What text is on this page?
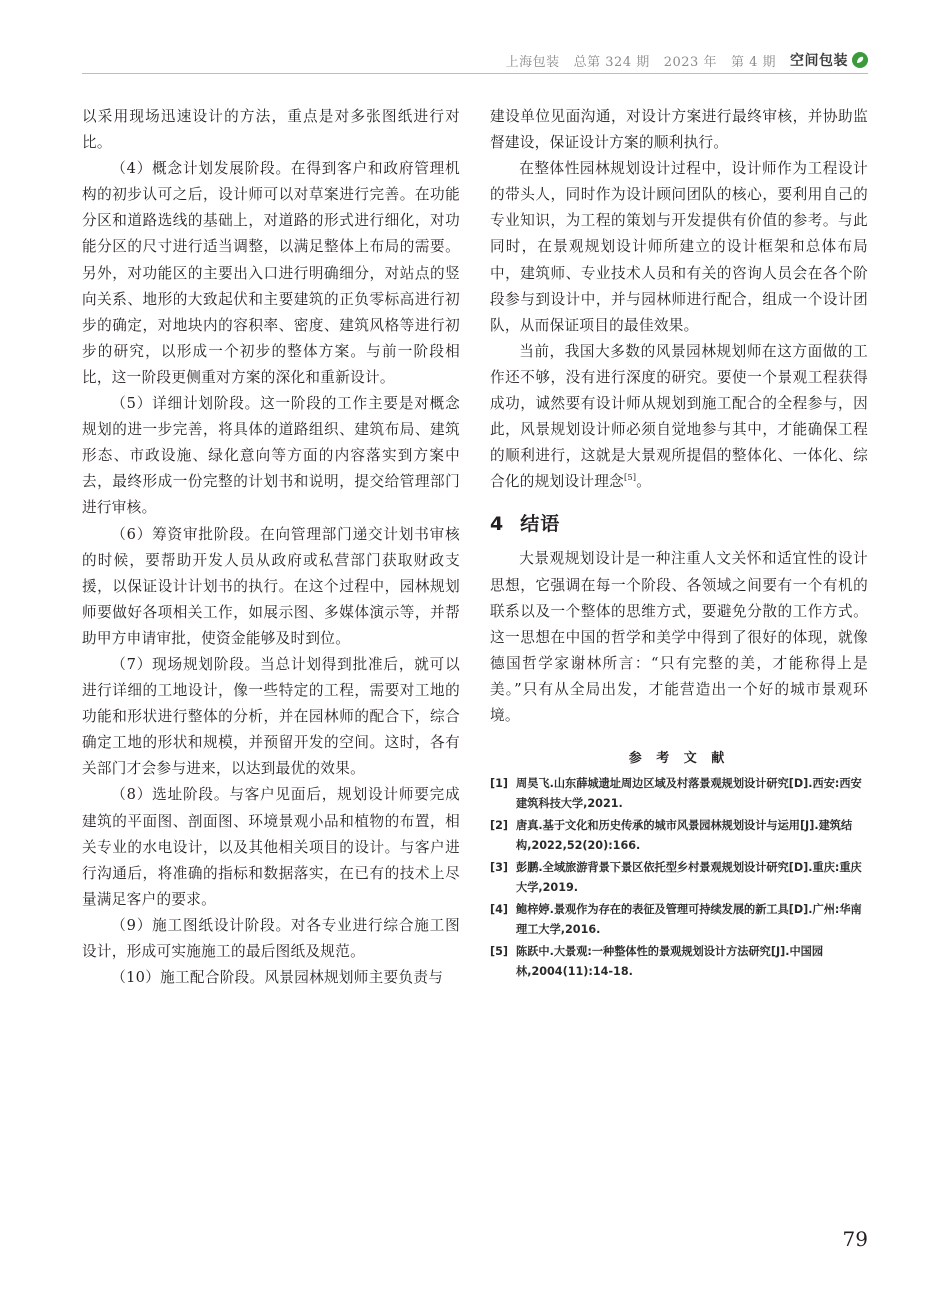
上海包装 总第 324 期 2023 年 第 4 期 空间包装

以采用现场迅速设计的方法，重点是对多张图纸进行对比。

（4）概念计划发展阶段。在得到客户和政府管理机构的初步认可之后，设计师可以对草案进行完善。在功能分区和道路选线的基础上，对道路的形式进行细化，对功能分区的尺寸进行适当调整，以满足整体上布局的需要。另外，对功能区的主要出入口进行明确细分，对站点的竖向关系、地形的大致起伏和主要建筑的正负零标高进行初步的确定，对地块内的容积率、密度、建筑风格等进行初步的研究，以形成一个初步的整体方案。与前一阶段相比，这一阶段更侧重对方案的深化和重新设计。

（5）详细计划阶段。这一阶段的工作主要是对概念规划的进一步完善，将具体的道路组织、建筑布局、建筑形态、市政设施、绿化意向等方面的内容落实到方案中去，最终形成一份完整的计划书和说明，提交给管理部门进行审核。

（6）筹资审批阶段。在向管理部门递交计划书审核的时候，要帮助开发人员从政府或私营部门获取财政支援，以保证设计计划书的执行。在这个过程中，园林规划师要做好各项相关工作，如展示图、多媒体演示等，并帮助甲方申请审批，使资金能够及时到位。

（7）现场规划阶段。当总计划得到批准后，就可以进行详细的工地设计，像一些特定的工程，需要对工地的功能和形状进行整体的分析，并在园林师的配合下，综合确定工地的形状和规模，并预留开发的空间。这时，各有关部门才会参与进来，以达到最优的效果。

（8）选址阶段。与客户见面后，规划设计师要完成建筑的平面图、剖面图、环境景观小品和植物的布置，相关专业的水电设计，以及其他相关项目的设计。与客户进行沟通后，将准确的指标和数据落实，在已有的技术上尽量满足客户的要求。

（9）施工图纸设计阶段。对各专业进行综合施工图设计，形成可实施施工的最后图纸及规范。

（10）施工配合阶段。风景园林规划师主要负责与

建设单位见面沟通，对设计方案进行最终审核，并协助监督建设，保证设计方案的顺利执行。

在整体性园林规划设计过程中，设计师作为工程设计的带头人，同时作为设计顾问团队的核心，要利用自己的专业知识，为工程的策划与开发提供有价值的参考。与此同时，在景观规划设计师所建立的设计框架和总体布局中，建筑师、专业技术人员和有关的咨询人员会在各个阶段参与到设计中，并与园林师进行配合，组成一个设计团队，从而保证项目的最佳效果。

当前，我国大多数的风景园林规划师在这方面做的工作还不够，没有进行深度的研究。要使一个景观工程获得成功，诚然要有设计师从规划到施工配合的全程参与，因此，风景规划设计师必须自觉地参与其中，才能确保工程的顺利进行，这就是大景观所提倡的整体化、一体化、综合化的规划设计理念[5]。

4 结语

大景观规划设计是一种注重人文关怀和适宜性的设计思想，它强调在每一个阶段、各领域之间要有一个有机的联系以及一个整体的思维方式，要避免分散的工作方式。这一思想在中国的哲学和美学中得到了很好的体现，就像德国哲学家谢林所言：“只有完整的美，才能称得上是美。”只有从全局出发，才能营造出一个好的城市景观环境。

参 考 文 献
[1] 周昊飞.山东薛城遗址周边区域及村落景观规划设计研究[D].西安:西安建筑科技大学,2021.
[2] 唐真.基于文化和历史传承的城市风景园林规划设计与运用[J].建筑结构,2022,52(20):166.
[3] 彭鹏.全域旅游背景下景区依托型乡村景观规划设计研究[D].重庆:重庆大学,2019.
[4] 鲍梓婷.景观作为存在的表征及管理可持续发展的新工具[D].广州:华南理工大学,2016.
[5] 陈跃中.大景观:一种整体性的景观规划设计方法研究[J].中国园林,2004(11):14-18.
79
